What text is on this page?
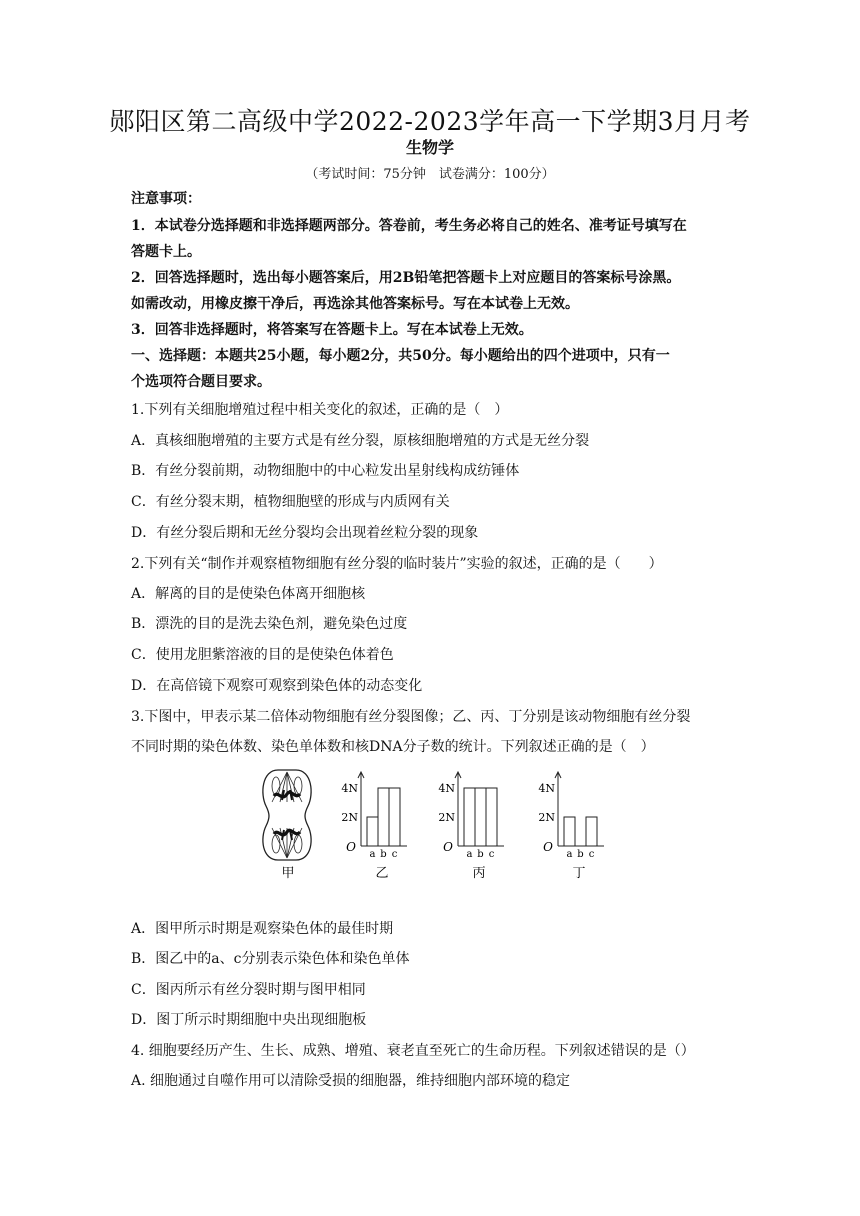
郧阳区第二高级中学2022-2023学年高一下学期3月月考
生物学
（考试时间：75分钟　试卷满分：100分）
注意事项：
1．本试卷分选择题和非选择题两部分。答卷前，考生务必将自己的姓名、准考证号填写在
答题卡上。
2．回答选择题时，选出每小题答案后，用2B铅笔把答题卡上对应题目的答案标号涂黑。
如需改动，用橡皮擦干净后，再选涂其他答案标号。写在本试卷上无效。
3．回答非选择题时，将答案写在答题卡上。写在本试卷上无效。
一、选择题：本题共25小题，每小题2分，共50分。每小题给出的四个进项中，只有一
个选项符合题目要求。
1.下列有关细胞增殖过程中相关变化的叙述，正确的是（　）
A．真核细胞增殖的主要方式是有丝分裂，原核细胞增殖的方式是无丝分裂
B．有丝分裂前期，动物细胞中的中心粒发出星射线构成纺锤体
C．有丝分裂末期，植物细胞壁的形成与内质网有关
D．有丝分裂后期和无丝分裂均会出现着丝粒分裂的现象
2.下列有关“制作并观察植物细胞有丝分裂的临时装片”实验的叙述，正确的是（　　）
A．解离的目的是使染色体离开细胞核
B．漂洗的目的是洗去染色剂，避免染色过度
C．使用龙胆紫溶液的目的是使染色体着色
D．在高倍镜下观察可观察到染色体的动态变化
3.下图中，甲表示某二倍体动物细胞有丝分裂图像；乙、丙、丁分别是该动物细胞有丝分裂
不同时期的染色体数、染色单体数和核DNA分子数的统计。下列叙述正确的是（　）
O
2N
4N
a b c
乙
O
2N
4N
a b c
丙
O
2N
4N
a b c
丁
甲
A．图甲所示时期是观察染色体的最佳时期
B．图乙中的a、c分别表示染色体和染色单体
C．图丙所示有丝分裂时期与图甲相同
D．图丁所示时期细胞中央出现细胞板
4. 细胞要经历产生、生长、成熟、增殖、衰老直至死亡的生命历程。下列叙述错误的是（）
A. 细胞通过自噬作用可以清除受损的细胞器，维持细胞内部环境的稳定
